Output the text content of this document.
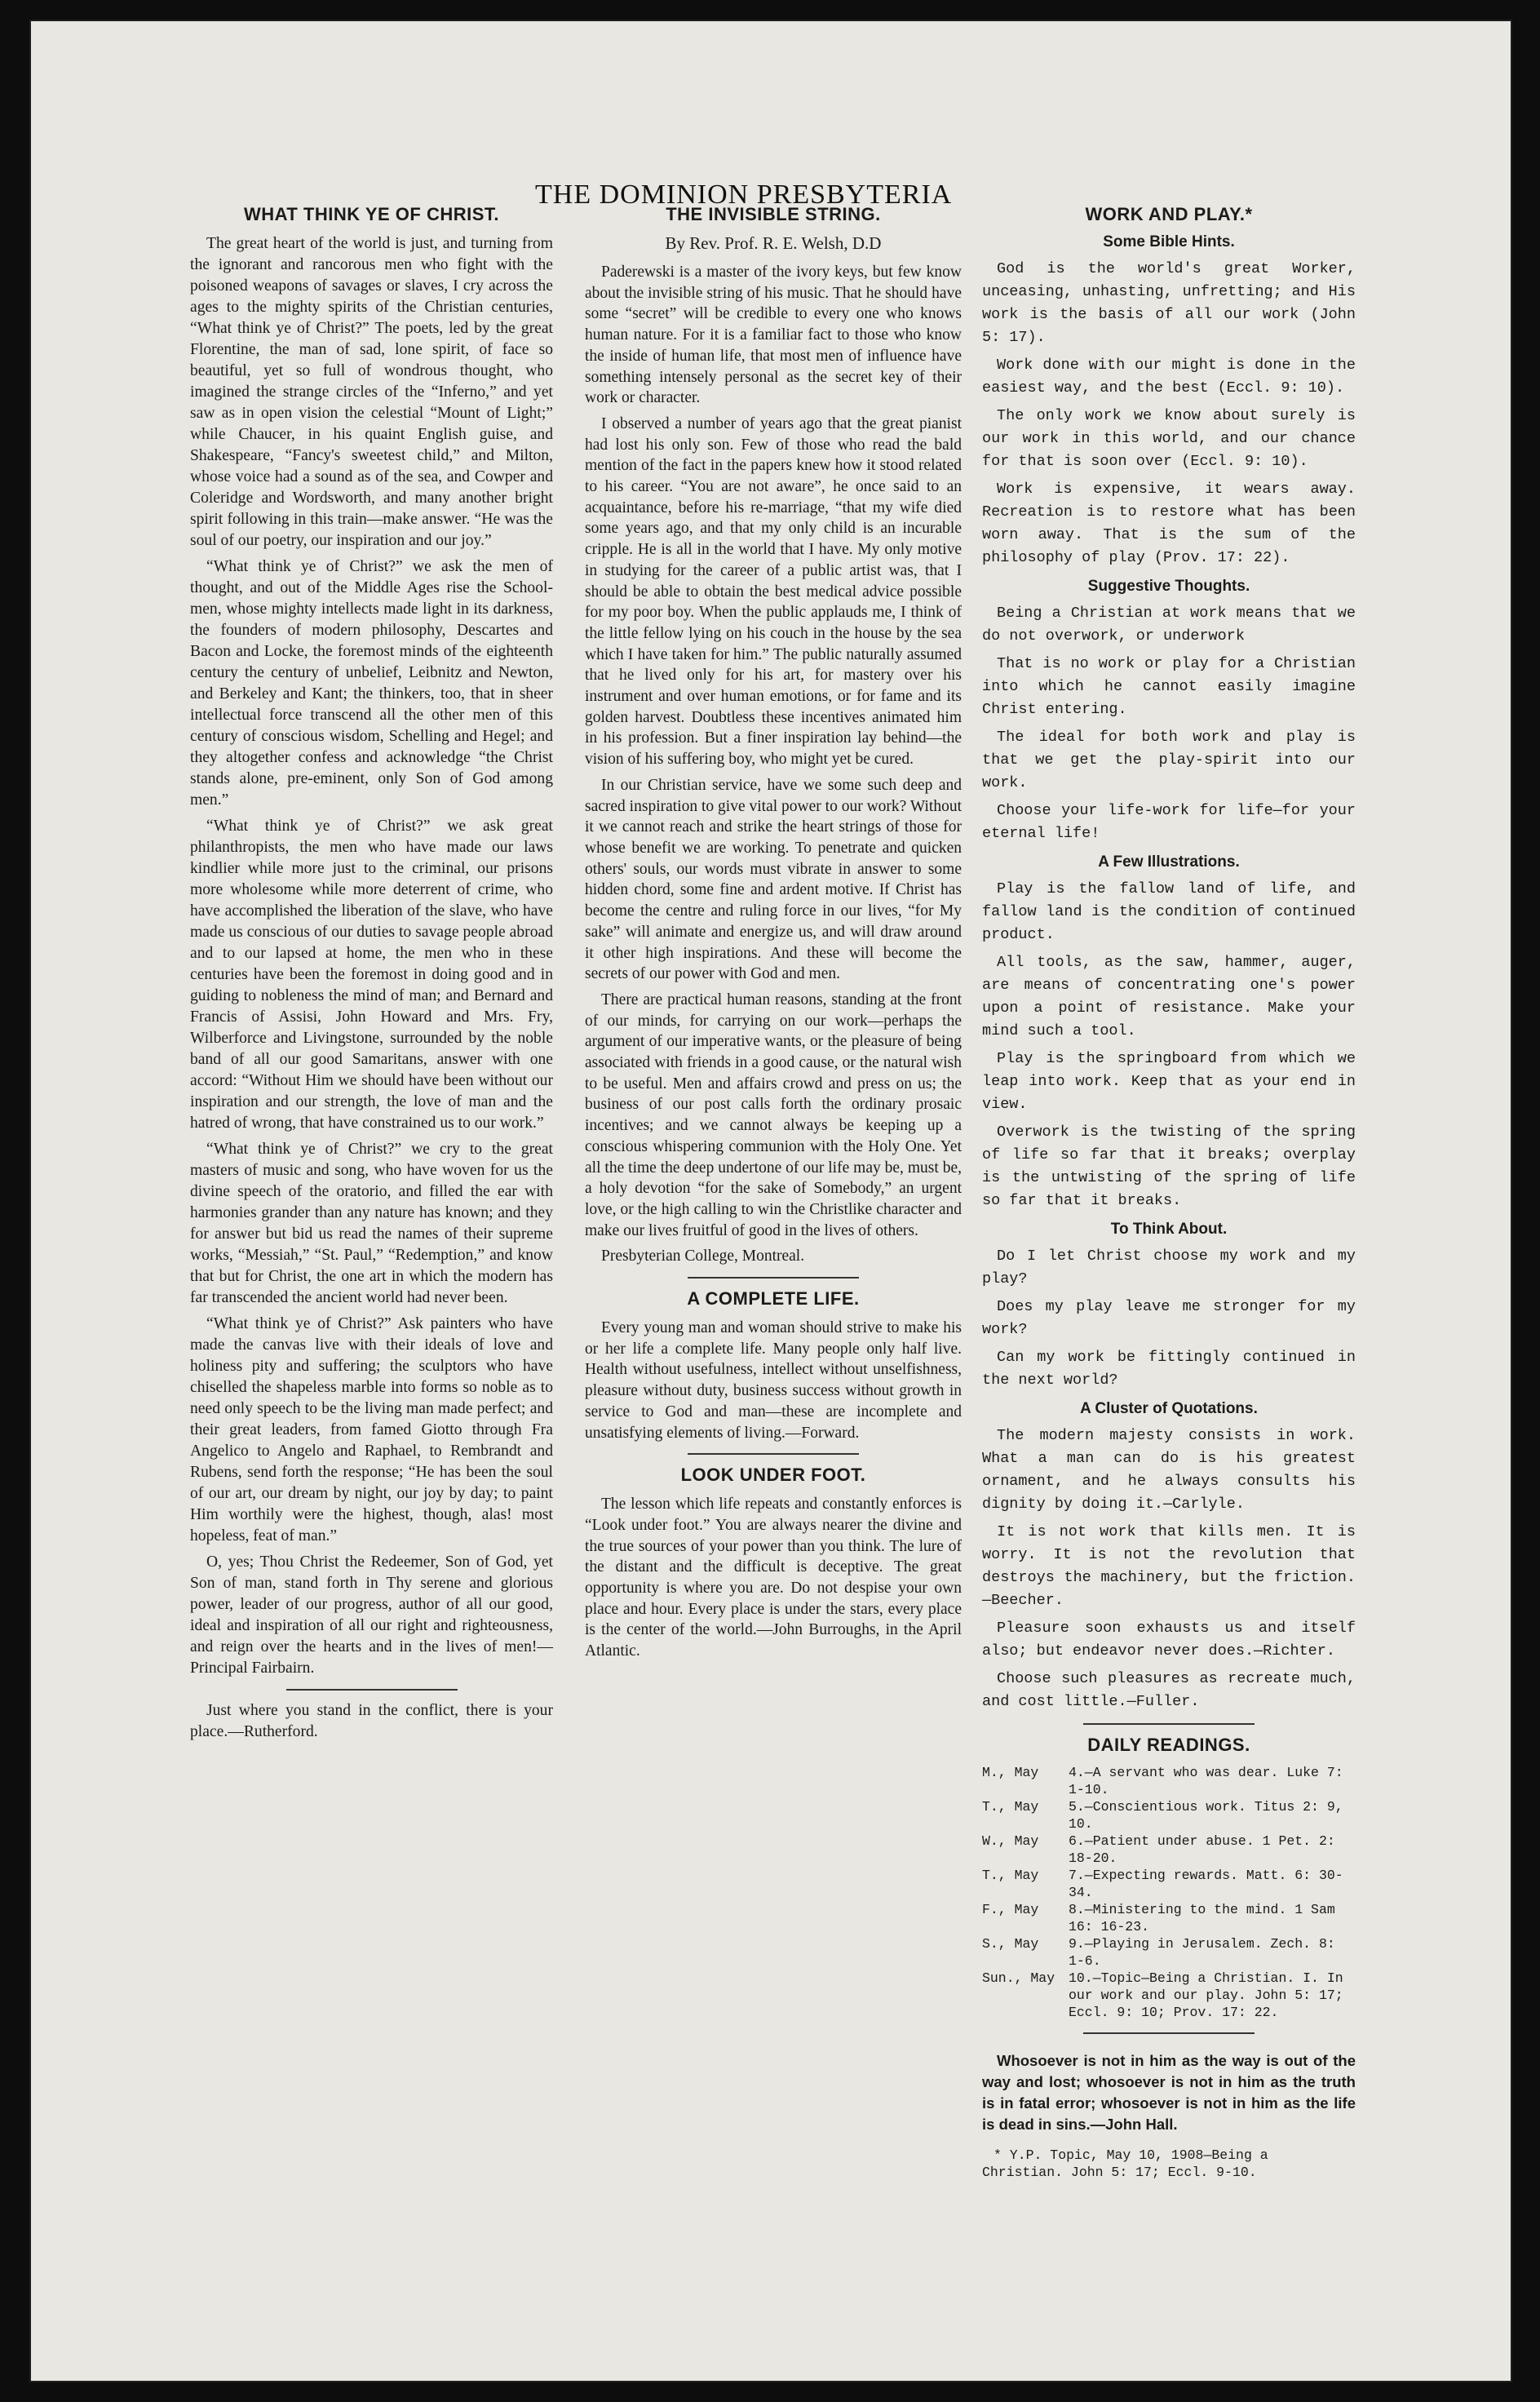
THE DOMINION PRESBYTERIA
WHAT THINK YE OF CHRIST.

The great heart of the world is just, and turning from the ignorant and rancorous men who fight with the poisoned weapons of savages or slaves, I cry across the ages to the mighty spirits of the Christian centuries, “What think ye of Christ?” The poets, led by the great Florentine, the man of sad, lone spirit, of face so beautiful, yet so full of wondrous thought, who imagined the strange circles of the “Inferno,” and yet saw as in open vision the celestial “Mount of Light;” while Chaucer, in his quaint English guise, and Shakespeare, “Fancy's sweetest child,” and Milton, whose voice had a sound as of the sea, and Cowper and Coleridge and Wordsworth, and many another bright spirit following in this train—make answer. “He was the soul of our poetry, our inspiration and our joy.”

“What think ye of Christ?” we ask the men of thought, and out of the Middle Ages rise the School-men, whose mighty intellects made light in its darkness, the founders of modern philosophy, Descartes and Bacon and Locke, the foremost minds of the eighteenth century the century of unbelief, Leibnitz and Newton, and Berkeley and Kant; the thinkers, too, that in sheer intellectual force transcend all the other men of this century of conscious wisdom, Schelling and Hegel; and they altogether confess and acknowledge “the Christ stands alone, pre-eminent, only Son of God among men.”

“What think ye of Christ?” we ask great philanthropists, the men who have made our laws kindlier while more just to the criminal, our prisons more wholesome while more deterrent of crime, who have accomplished the liberation of the slave, who have made us conscious of our duties to savage people abroad and to our lapsed at home, the men who in these centuries have been the foremost in doing good and in guiding to nobleness the mind of man; and Bernard and Francis of Assisi, John Howard and Mrs. Fry, Wilberforce and Livingstone, surrounded by the noble band of all our good Samaritans, answer with one accord: “Without Him we should have been without our inspiration and our strength, the love of man and the hatred of wrong, that have constrained us to our work.”

“What think ye of Christ?” we cry to the great masters of music and song, who have woven for us the divine speech of the oratorio, and filled the ear with harmonies grander than any nature has known; and they for answer but bid us read the names of their supreme works, “Messiah,” “St. Paul,” “Redemption,” and know that but for Christ, the one art in which the modern has far transcended the ancient world had never been.

“What think ye of Christ?” Ask painters who have made the canvas live with their ideals of love and holiness pity and suffering; the sculptors who have chiselled the shapeless marble into forms so noble as to need only speech to be the living man made perfect; and their great leaders, from famed Giotto through Fra Angelico to Angelo and Raphael, to Rembrandt and Rubens, send forth the response; “He has been the soul of our art, our dream by night, our joy by day; to paint Him worthily were the highest, though, alas! most hopeless, feat of man.”

O, yes; Thou Christ the Redeemer, Son of God, yet Son of man, stand forth in Thy serene and glorious power, leader of our progress, author of all our good, ideal and inspiration of all our right and righteousness, and reign over the hearts and in the lives of men!—Principal Fairbairn.

Just where you stand in the conflict, there is your place.—Rutherford.

THE INVISIBLE STRING.
By Rev. Prof. R. E. Welsh, D.D

Paderewski is a master of the ivory keys, but few know about the invisible string of his music. That he should have some “secret” will be credible to every one who knows human nature. For it is a familiar fact to those who know the inside of human life, that most men of influence have something intensely personal as the secret key of their work or character.

I observed a number of years ago that the great pianist had lost his only son. Few of those who read the bald mention of the fact in the papers knew how it stood related to his career. “You are not aware”, he once said to an acquaintance, before his re-marriage, “that my wife died some years ago, and that my only child is an incurable cripple. He is all in the world that I have. My only motive in studying for the career of a public artist was, that I should be able to obtain the best medical advice possible for my poor boy. When the public applauds me, I think of the little fellow lying on his couch in the house by the sea which I have taken for him.” The public naturally assumed that he lived only for his art, for mastery over his instrument and over human emotions, or for fame and its golden harvest. Doubtless these incentives animated him in his profession. But a finer inspiration lay behind—the vision of his suffering boy, who might yet be cured.

In our Christian service, have we some such deep and sacred inspiration to give vital power to our work? Without it we cannot reach and strike the heart strings of those for whose benefit we are working. To penetrate and quicken others' souls, our words must vibrate in answer to some hidden chord, some fine and ardent motive. If Christ has become the centre and ruling force in our lives, “for My sake” will animate and energize us, and will draw around it other high inspirations. And these will become the secrets of our power with God and men.

There are practical human reasons, standing at the front of our minds, for carrying on our work—perhaps the argument of our imperative wants, or the pleasure of being associated with friends in a good cause, or the natural wish to be useful. Men and affairs crowd and press on us; the business of our post calls forth the ordinary prosaic incentives; and we cannot always be keeping up a conscious whispering communion with the Holy One. Yet all the time the deep undertone of our life may be, must be, a holy devotion “for the sake of Somebody,” an urgent love, or the high calling to win the Christlike character and make our lives fruitful of good in the lives of others.

Presbyterian College, Montreal.

A COMPLETE LIFE.

Every young man and woman should strive to make his or her life a complete life. Many people only half live. Health without usefulness, intellect without unselfishness, pleasure without duty, business success without growth in service to God and man—these are incomplete and unsatisfying elements of living.—Forward.

LOOK UNDER FOOT.

The lesson which life repeats and constantly enforces is “Look under foot.” You are always nearer the divine and the true sources of your power than you think. The lure of the distant and the difficult is deceptive. The great opportunity is where you are. Do not despise your own place and hour. Every place is under the stars, every place is the center of the world.—John Burroughs, in the April Atlantic.

WORK AND PLAY.*
Some Bible Hints.

God is the world's great Worker, unceasing, unhasting, unfretting; and His work is the basis of all our work (John 5: 17).

Work done with our might is done in the easiest way, and the best (Eccl. 9: 10).

The only work we know about surely is our work in this world, and our chance for that is soon over (Eccl. 9: 10).

Work is expensive, it wears away. Recreation is to restore what has been worn away. That is the sum of the philosophy of play (Prov. 17: 22).

Suggestive Thoughts.

Being a Christian at work means that we do not overwork, or underwork

That is no work or play for a Christian into which he cannot easily imagine Christ entering.

The ideal for both work and play is that we get the play-spirit into our work.

Choose your life-work for life—for your eternal life!

A Few Illustrations.

Play is the fallow land of life, and fallow land is the condition of continued product.

All tools, as the saw, hammer, auger, are means of concentrating one's power upon a point of resistance. Make your mind such a tool.

Play is the springboard from which we leap into work. Keep that as your end in view.

Overwork is the twisting of the spring of life so far that it breaks; overplay is the untwisting of the spring of life so far that it breaks.

To Think About.

Do I let Christ choose my work and my play?

Does my play leave me stronger for my work?

Can my work be fittingly continued in the next world?

A Cluster of Quotations.

The modern majesty consists in work. What a man can do is his greatest ornament, and he always consults his dignity by doing it.—Carlyle.

It is not work that kills men. It is worry. It is not the revolution that destroys the machinery, but the friction.—Beecher.

Pleasure soon exhausts us and itself also; but endeavor never does.—Richter.

Choose such pleasures as recreate much, and cost little.—Fuller.

DAILY READINGS.
M., May	4.—A servant who was dear. Luke 7: 1-10.
T., May	5.—Conscientious work. Titus 2: 9, 10.
W., May	6.—Patient under abuse. 1 Pet. 2: 18-20.
T., May	7.—Expecting rewards. Matt. 6: 30-34.
F., May	8.—Ministering to the mind. 1 Sam 16: 16-23.
S., May	9.—Playing in Jerusalem. Zech. 8: 1-6.
Sun., May	10.—Topic—Being a Christian. I. In our work and our play. John 5: 17; Eccl. 9: 10; Prov. 17: 22.
Whosoever is not in him as the way is out of the way and lost; whosoever is not in him as the truth is in fatal error; whosoever is not in him as the life is dead in sins.—John Hall.
* Y.P. Topic, May 10, 1908—Being a Christian. John 5: 17; Eccl. 9-10.
